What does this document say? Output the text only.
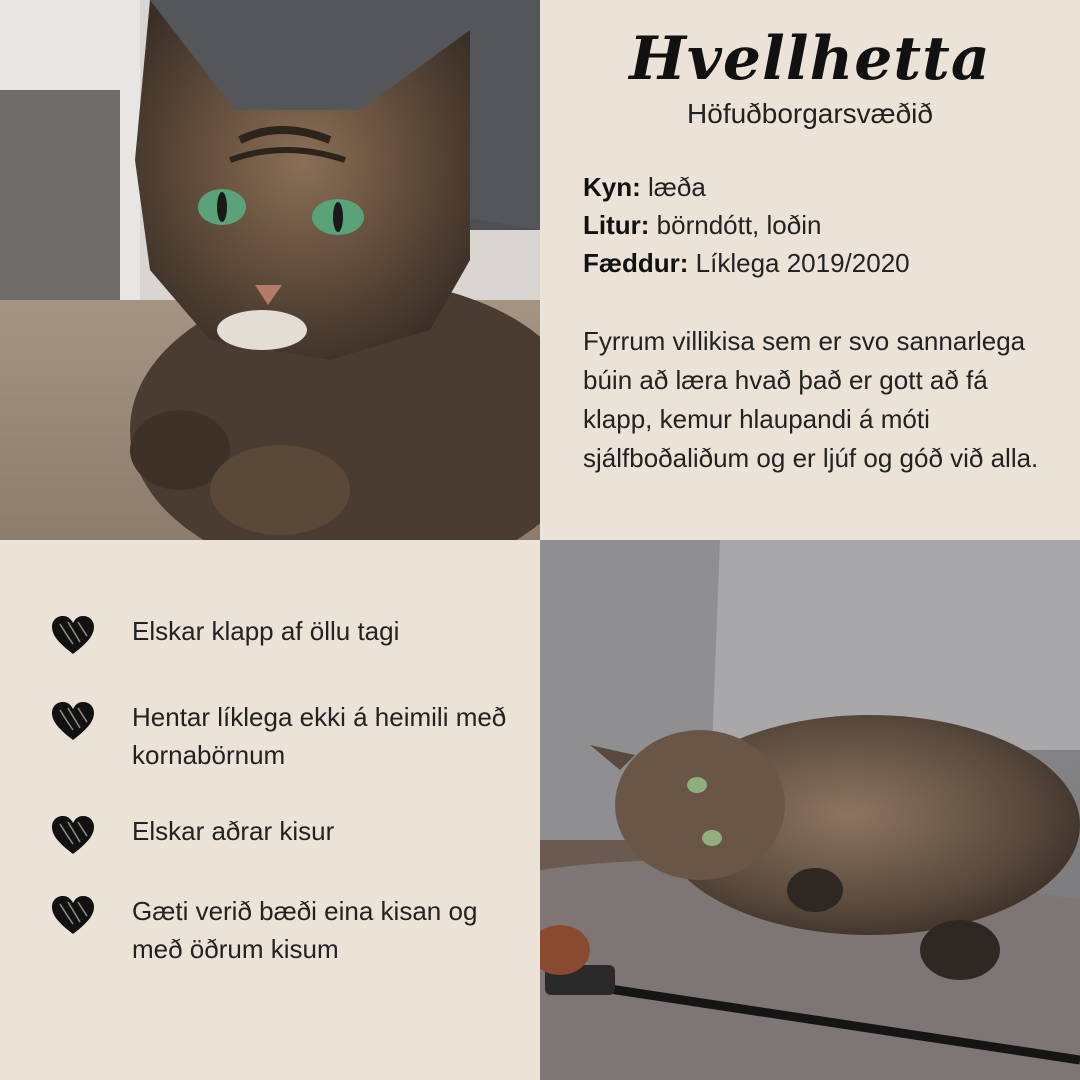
Hvellhetta
Höfuðborgarsvæðið
Kyn: læða
Litur: börndótt, loðin
Fæddur: Líklega 2019/2020
Fyrrum villikisa sem er svo sannarlega búin að læra hvað það er gott að fá klapp, kemur hlaupandi á móti sjálfboðaliðum og er ljúf og góð við alla.
Elskar klapp af öllu tagi
Hentar líklega ekki á heimili með kornabörnum
Elskar aðrar kisur
Gæti verið bæði eina kisan og með öðrum kisum
